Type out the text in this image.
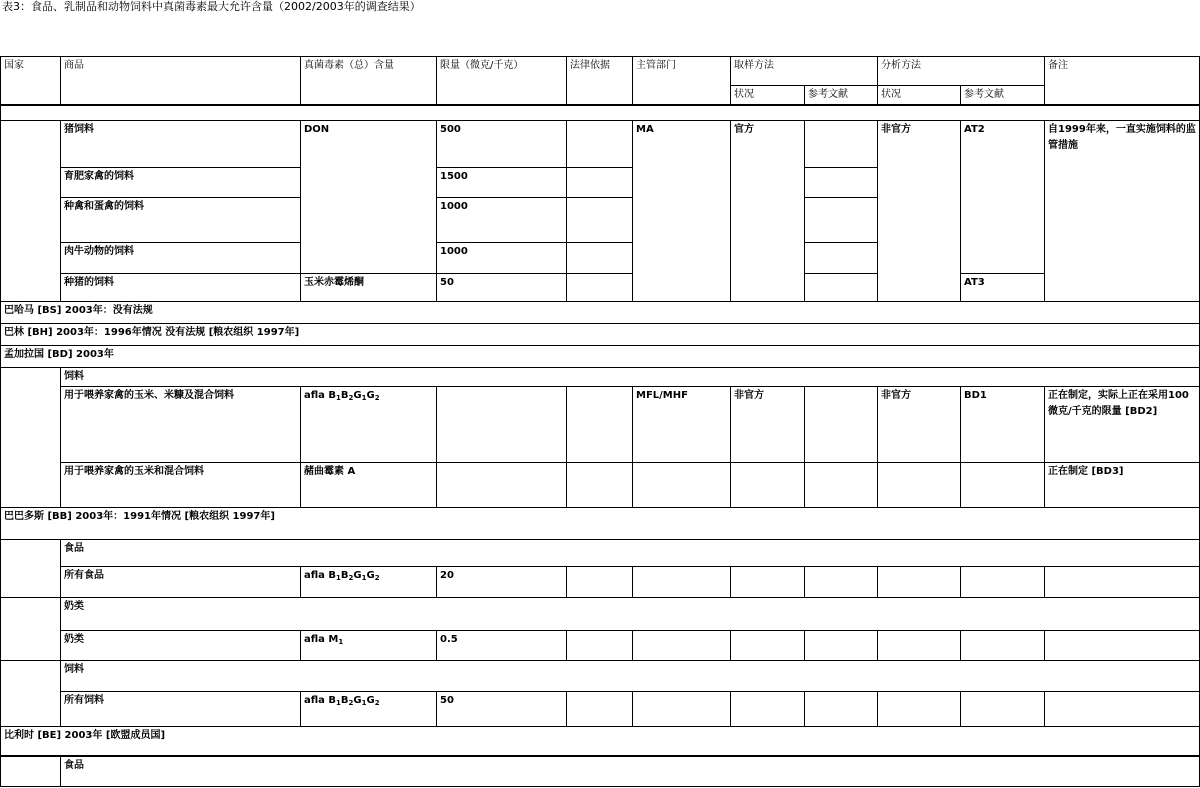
表3：食品、乳制品和动物饲料中真菌毒素最大允许含量（2002/2003年的调查结果）
国家	商品	真菌毒素（总）含量	限量（微克/千克）	法律依据	主管部门	取样方法		分析方法		备注
						状况	参考文献	状况	参考文献	

	猪饲料	DON	500		MA	官方		非官方	AT2	自1999年来，一直实施饲料的监管措施
	育肥家禽的饲料		1500							
	种禽和蛋禽的饲料		1000							
	肉牛动物的饲料		1000							
	种猪的饲料	玉米赤霉烯酮	50						AT3	
巴哈马 [BS] 2003年：没有法规										
巴林 [BH] 2003年：1996年情况 没有法规 [粮农组织 1997年]										
孟加拉国 [BD] 2003年										
	饲料									
	用于喂养家禽的玉米、米糠及混合饲料	afla $B_1B_2G_1G_2$			MFL/MHF	非官方		非官方	BD1	正在制定，实际上正在采用100微克/千克的限量 [BD2]
	用于喂养家禽的玉米和混合饲料	赭曲霉素 A								正在制定 [BD3]
巴巴多斯 [BB] 2003年：1991年情况 [粮农组织 1997年]										
	食品									
	所有食品	afla $B_1B_2G_1G_2$	20							
	奶类									
	奶类	afla $M_1$	0.5							
	饲料									
	所有饲料	afla $B_1B_2G_1G_2$	50							
比利时 [BE] 2003年 [欧盟成员国]										
	食品									
